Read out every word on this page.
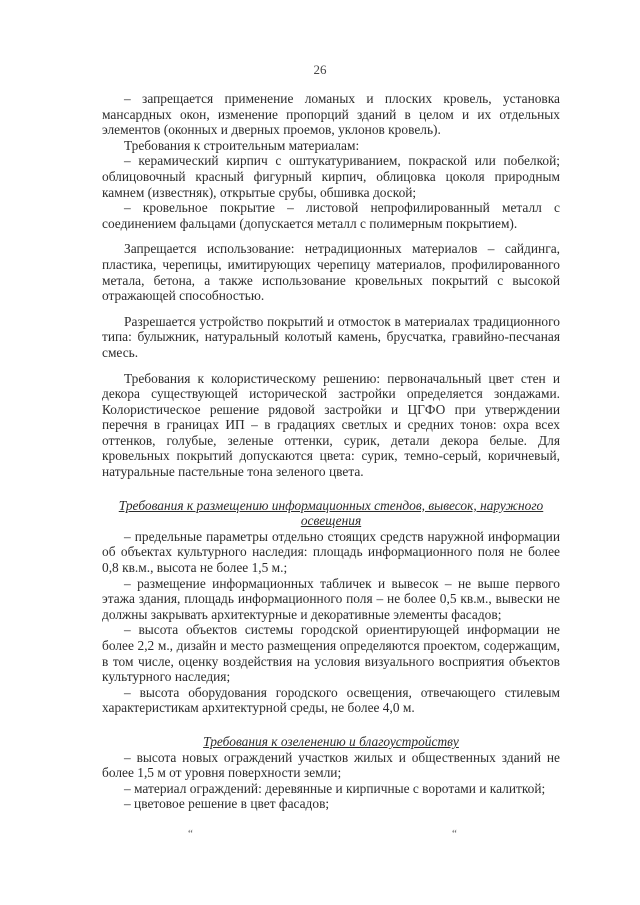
26

– запрещается применение ломаных и плоских кровель, установка мансардных окон, изменение пропорций зданий в целом и их отдельных элементов (оконных и дверных проемов, уклонов кровель).

Требования к строительным материалам:

– керамический кирпич с оштукатуриванием, покраской или побелкой; облицовочный красный фигурный кирпич, облицовка цоколя природным камнем (известняк), открытые срубы, обшивка доской;

– кровельное покрытие – листовой непрофилированный металл с соединением фальцами (допускается металл с полимерным покрытием).

Запрещается использование: нетрадиционных материалов – сайдинга, пластика, черепицы, имитирующих черепицу материалов, профилированного метала, бетона, а также использование кровельных покрытий с высокой отражающей способностью.

Разрешается устройство покрытий и отмосток в материалах традиционного типа: булыжник, натуральный колотый камень, брусчатка, гравийно-песчаная смесь.

Требования к колористическому решению: первоначальный цвет стен и декора существующей исторической застройки определяется зондажами. Колористическое решение рядовой застройки и ЦГФО при утверждении перечня в границах ИП – в градациях светлых и средних тонов: охра всех оттенков, голубые, зеленые оттенки, сурик, детали декора белые. Для кровельных покрытий допускаются цвета: сурик, темно-серый, коричневый, натуральные пастельные тона зеленого цвета.

Требования к размещению информационных стендов, вывесок, наружного освещения

– предельные параметры отдельно стоящих средств наружной информации об объектах культурного наследия: площадь информационного поля не более 0,8 кв.м., высота не более 1,5 м.;

– размещение информационных табличек и вывесок – не выше первого этажа здания, площадь информационного поля – не более 0,5 кв.м., вывески не должны закрывать архитектурные и декоративные элементы фасадов;

– высота объектов системы городской ориентирующей информации не более 2,2 м., дизайн и место размещения определяются проектом, содержащим, в том числе, оценку воздействия на условия визуального восприятия объектов культурного наследия;

– высота оборудования городского освещения, отвечающего стилевым характеристикам архитектурной среды, не более 4,0 м.

Требования к озеленению и благоустройству

– высота новых ограждений участков жилых и общественных зданий не более 1,5 м от уровня поверхности земли;

– материал ограждений: деревянные и кирпичные с воротами и калиткой;

– цветовое решение в цвет фасадов;

“	“
